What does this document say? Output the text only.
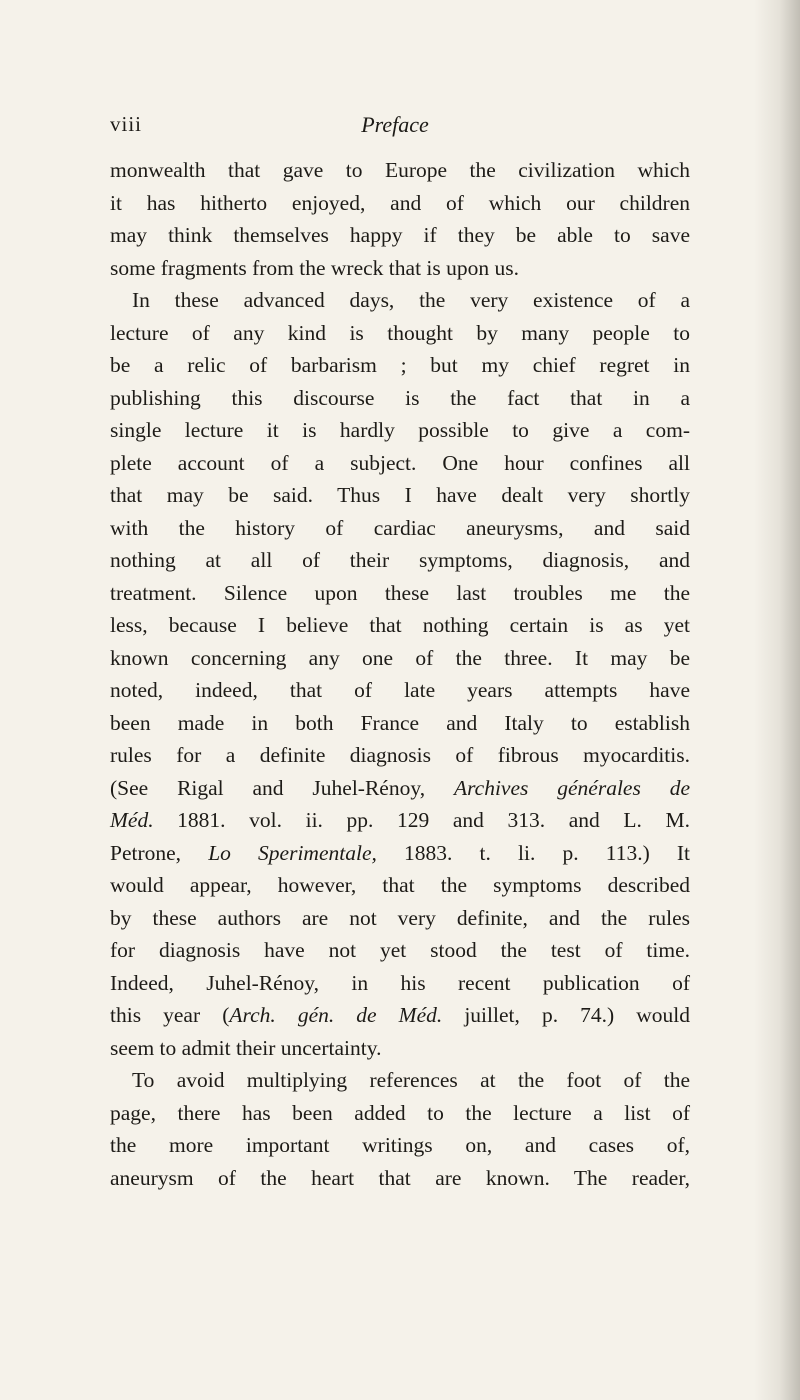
viii	Preface
monwealth that gave to Europe the civilization which
it has hitherto enjoyed, and of which our children
may think themselves happy if they be able to save
some fragments from the wreck that is upon us.
In these advanced days, the very existence of a
lecture of any kind is thought by many people to
be a relic of barbarism ; but my chief regret in
publishing this discourse is the fact that in a
single lecture it is hardly possible to give a com-
plete account of a subject. One hour confines all
that may be said. Thus I have dealt very shortly
with the history of cardiac aneurysms, and said
nothing at all of their symptoms, diagnosis, and
treatment. Silence upon these last troubles me the
less, because I believe that nothing certain is as yet
known concerning any one of the three. It may be
noted, indeed, that of late years attempts have
been made in both France and Italy to establish
rules for a definite diagnosis of fibrous myocarditis.
(See Rigal and Juhel-Rénoy, Archives générales de
Méd. 1881. vol. ii. pp. 129 and 313. and L. M.
Petrone, Lo Sperimentale, 1883. t. li. p. 113.) It
would appear, however, that the symptoms described
by these authors are not very definite, and the rules
for diagnosis have not yet stood the test of time.
Indeed, Juhel-Rénoy, in his recent publication of
this year (Arch. gén. de Méd. juillet, p. 74.) would
seem to admit their uncertainty.
To avoid multiplying references at the foot of the
page, there has been added to the lecture a list of
the more important writings on, and cases of,
aneurysm of the heart that are known. The reader,
